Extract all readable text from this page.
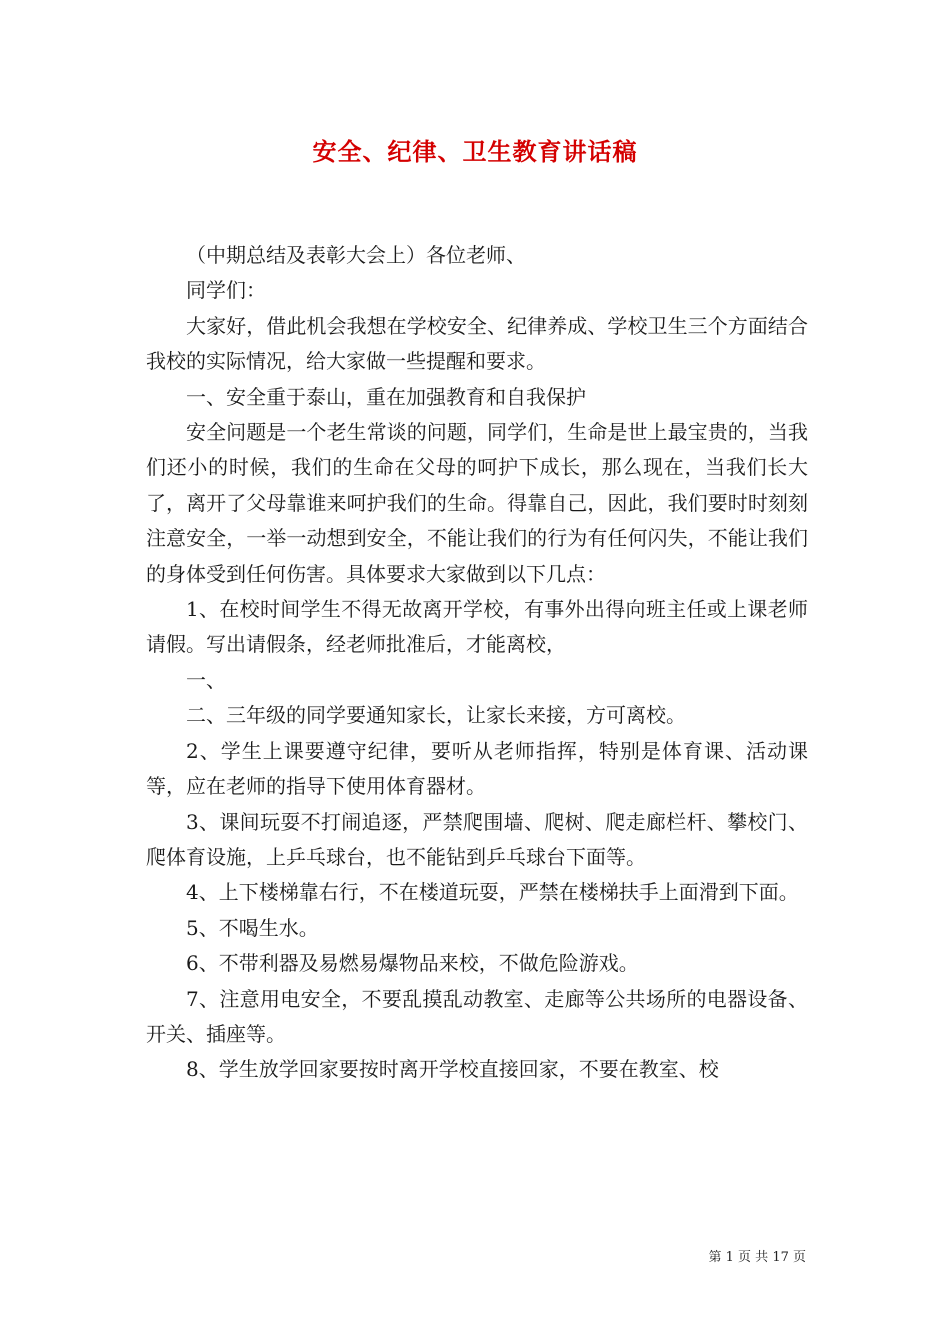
安全、纪律、卫生教育讲话稿

（中期总结及表彰大会上）各位老师、

同学们：

大家好，借此机会我想在学校安全、纪律养成、学校卫生三个方面结合我校的实际情况，给大家做一些提醒和要求。

一、安全重于泰山，重在加强教育和自我保护

安全问题是一个老生常谈的问题，同学们，生命是世上最宝贵的，当我们还小的时候，我们的生命在父母的呵护下成长，那么现在，当我们长大了，离开了父母靠谁来呵护我们的生命。得靠自己，因此，我们要时时刻刻注意安全，一举一动想到安全，不能让我们的行为有任何闪失，不能让我们的身体受到任何伤害。具体要求大家做到以下几点：

1、在校时间学生不得无故离开学校，有事外出得向班主任或上课老师请假。写出请假条，经老师批准后，才能离校，

一、

二、三年级的同学要通知家长，让家长来接，方可离校。

2、学生上课要遵守纪律，要听从老师指挥，特别是体育课、活动课等，应在老师的指导下使用体育器材。

3、课间玩耍不打闹追逐，严禁爬围墙、爬树、爬走廊栏杆、攀校门、爬体育设施，上乒乓球台，也不能钻到乒乓球台下面等。

4、上下楼梯靠右行，不在楼道玩耍，严禁在楼梯扶手上面滑到下面。

5、不喝生水。

6、不带利器及易燃易爆物品来校，不做危险游戏。

7、注意用电安全，不要乱摸乱动教室、走廊等公共场所的电器设备、开关、插座等。

8、学生放学回家要按时离开学校直接回家，不要在教室、校

第 1 页 共 17 页
